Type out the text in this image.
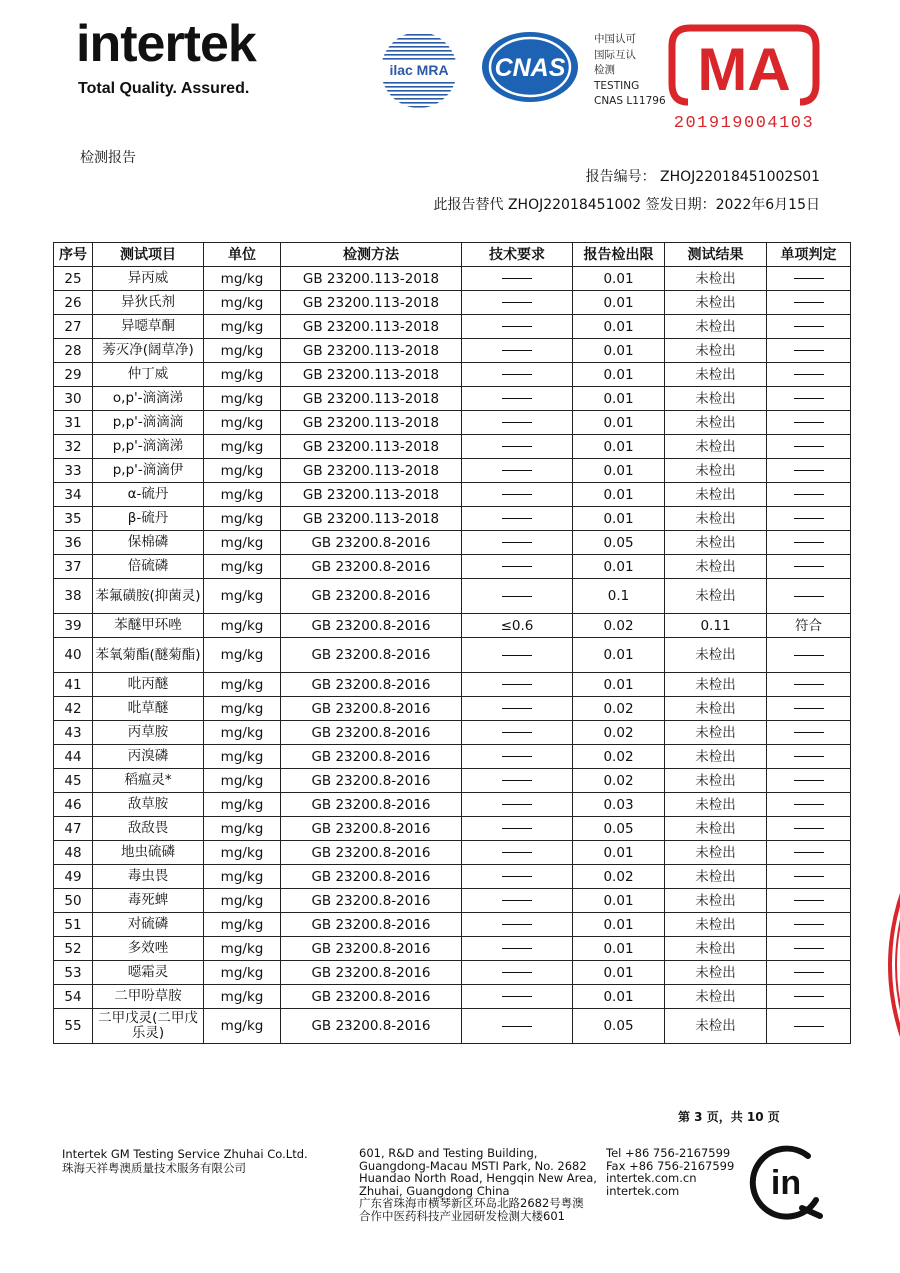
intertek
Total Quality. Assured.
ilac MRA CNAS
中国认可
国际互认
检测
TESTING
CNAS L11796 MA
201919004103
检测报告
报告编号： ZHOJ22018451002S01
此报告替代 ZHOJ22018451002 签发日期：2022年6月15日
序号	测试项目	单位	检测方法	技术要求	报告检出限	测试结果	单项判定
25	异丙威	mg/kg	GB 23200.113-2018		0.01	未检出	
26	异狄氏剂	mg/kg	GB 23200.113-2018		0.01	未检出	
27	异噁草酮	mg/kg	GB 23200.113-2018		0.01	未检出	
28	莠灭净(阔草净)	mg/kg	GB 23200.113-2018		0.01	未检出	
29	仲丁威	mg/kg	GB 23200.113-2018		0.01	未检出	
30	o,p'-滴滴涕	mg/kg	GB 23200.113-2018		0.01	未检出	
31	p,p'-滴滴滴	mg/kg	GB 23200.113-2018		0.01	未检出	
32	p,p'-滴滴涕	mg/kg	GB 23200.113-2018		0.01	未检出	
33	p,p'-滴滴伊	mg/kg	GB 23200.113-2018		0.01	未检出	
34	α-硫丹	mg/kg	GB 23200.113-2018		0.01	未检出	
35	β-硫丹	mg/kg	GB 23200.113-2018		0.01	未检出	
36	保棉磷	mg/kg	GB 23200.8-2016		0.05	未检出	
37	倍硫磷	mg/kg	GB 23200.8-2016		0.01	未检出	
38	苯氟磺胺(抑菌灵)	mg/kg	GB 23200.8-2016		0.1	未检出	
39	苯醚甲环唑	mg/kg	GB 23200.8-2016	≤0.6	0.02	0.11	符合
40	苯氧菊酯(醚菊酯)	mg/kg	GB 23200.8-2016		0.01	未检出	
41	吡丙醚	mg/kg	GB 23200.8-2016		0.01	未检出	
42	吡草醚	mg/kg	GB 23200.8-2016		0.02	未检出	
43	丙草胺	mg/kg	GB 23200.8-2016		0.02	未检出	
44	丙溴磷	mg/kg	GB 23200.8-2016		0.02	未检出	
45	稻瘟灵*	mg/kg	GB 23200.8-2016		0.02	未检出	
46	敌草胺	mg/kg	GB 23200.8-2016		0.03	未检出	
47	敌敌畏	mg/kg	GB 23200.8-2016		0.05	未检出	
48	地虫硫磷	mg/kg	GB 23200.8-2016		0.01	未检出	
49	毒虫畏	mg/kg	GB 23200.8-2016		0.02	未检出	
50	毒死蜱	mg/kg	GB 23200.8-2016		0.01	未检出	
51	对硫磷	mg/kg	GB 23200.8-2016		0.01	未检出	
52	多效唑	mg/kg	GB 23200.8-2016		0.01	未检出	
53	噁霜灵	mg/kg	GB 23200.8-2016		0.01	未检出	
54	二甲吩草胺	mg/kg	GB 23200.8-2016		0.01	未检出	
55	二甲戊灵(二甲戊乐灵)	mg/kg	GB 23200.8-2016		0.05	未检出	
第 3 页，共 10 页
Intertek GM Testing Service Zhuhai Co.Ltd.
珠海天祥粤澳质量技术服务有限公司
601, R&D and Testing Building,
Guangdong-Macau MSTI Park, No. 2682
Huandao North Road, Hengqin New Area,
Zhuhai, Guangdong China
广东省珠海市横琴新区环岛北路2682号粤澳
合作中医药科技产业园研发检测大楼601
Tel +86 756-2167599
Fax +86 756-2167599
intertek.com.cn
intertek.com	in
